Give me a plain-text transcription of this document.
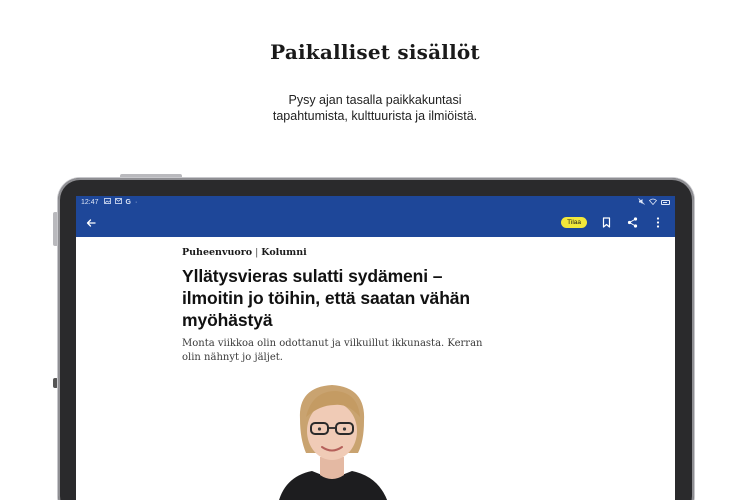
Paikalliset sisällöt
Pysy ajan tasalla paikkakuntasi
tapahtumista, kulttuurista ja ilmiöistä.
12:47	G ·
Tilaa
Puheenvuoro | Kolumni
Yllätysvieras sulatti sydämeni –
ilmoitin jo töihin, että saatan vähän
myöhästyä
Monta viikkoa olin odottanut ja vilkuillut ikkunasta. Kerran
olin nähnyt jo jäljet.
